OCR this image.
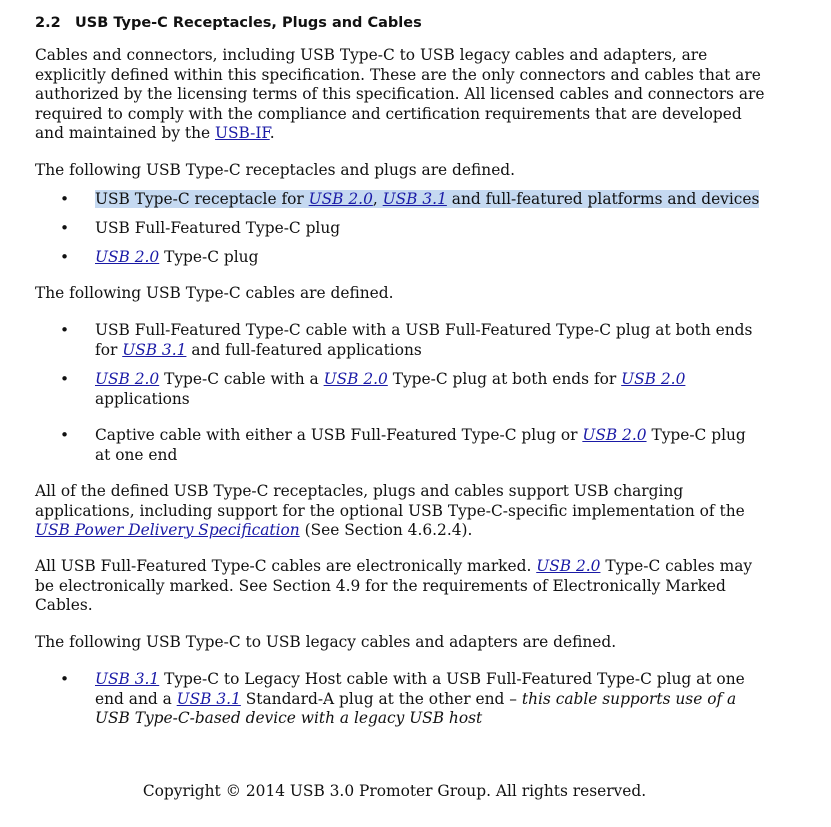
2.2 USB Type-C Receptacles, Plugs and Cables

Cables and connectors, including USB Type-C to USB legacy cables and adapters, are explicitly defined within this specification. These are the only connectors and cables that are authorized by the licensing terms of this specification. All licensed cables and connectors are required to comply with the compliance and certification requirements that are developed and maintained by the USB-IF.

The following USB Type-C receptacles and plugs are defined.

• USB Type-C receptacle for USB 2.0, USB 3.1 and full-featured platforms and devices
• USB Full-Featured Type-C plug
• USB 2.0 Type-C plug

The following USB Type-C cables are defined.

• USB Full-Featured Type-C cable with a USB Full-Featured Type-C plug at both ends for USB 3.1 and full-featured applications
• USB 2.0 Type-C cable with a USB 2.0 Type-C plug at both ends for USB 2.0 applications
• Captive cable with either a USB Full-Featured Type-C plug or USB 2.0 Type-C plug at one end

All of the defined USB Type-C receptacles, plugs and cables support USB charging applications, including support for the optional USB Type-C-specific implementation of the USB Power Delivery Specification (See Section 4.6.2.4).

All USB Full-Featured Type-C cables are electronically marked. USB 2.0 Type-C cables may be electronically marked. See Section 4.9 for the requirements of Electronically Marked Cables.

The following USB Type-C to USB legacy cables and adapters are defined.

• USB 3.1 Type-C to Legacy Host cable with a USB Full-Featured Type-C plug at one end and a USB 3.1 Standard-A plug at the other end – this cable supports use of a USB Type-C-based device with a legacy USB host
Copyright © 2014 USB 3.0 Promoter Group. All rights reserved.
